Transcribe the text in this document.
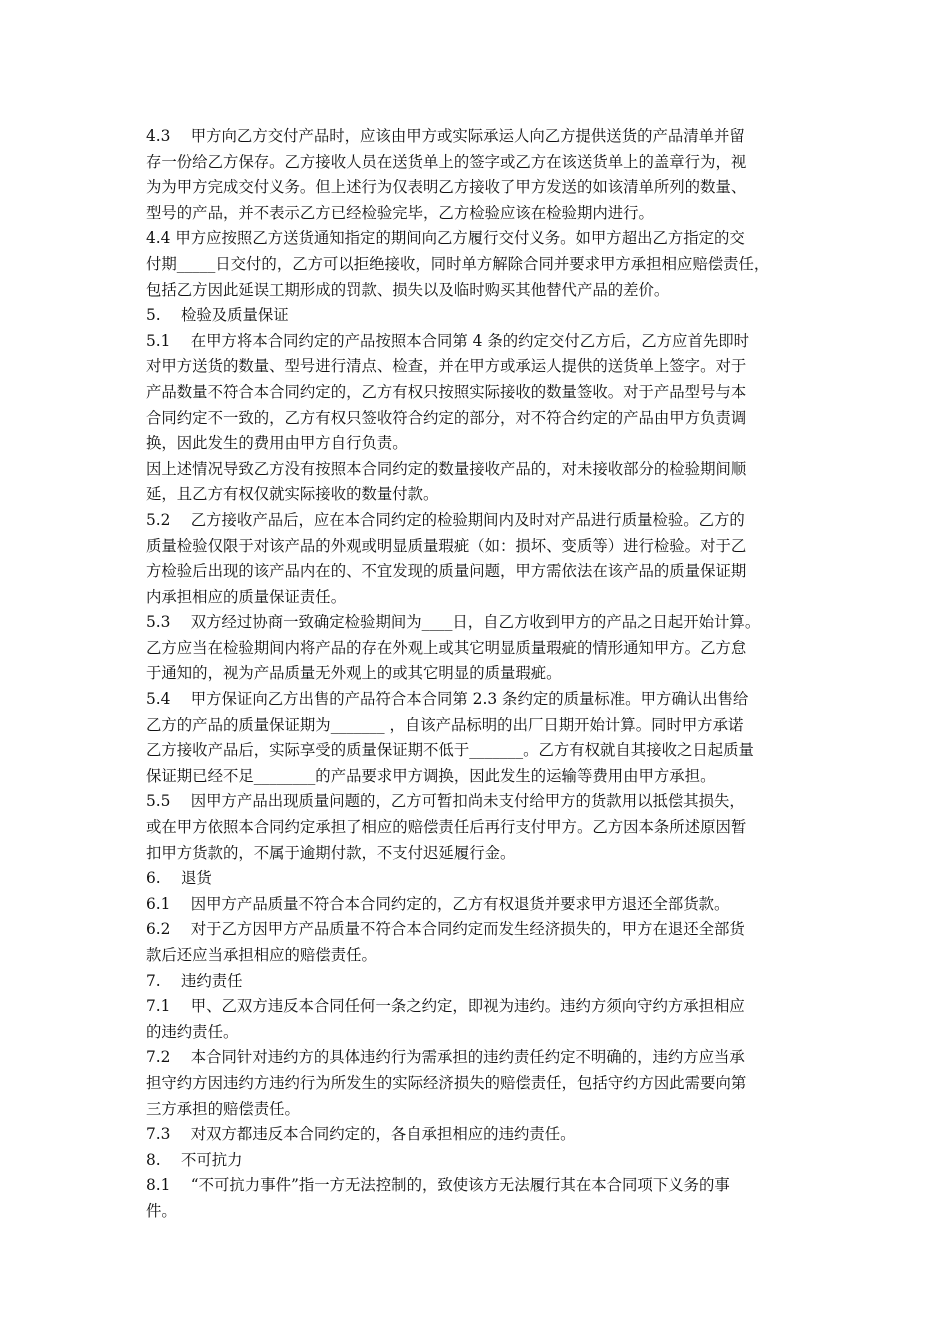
4.3　 甲方向乙方交付产品时，应该由甲方或实际承运人向乙方提供送货的产品清单并留
存一份给乙方保存。乙方接收人员在送货单上的签字或乙方在该送货单上的盖章行为，视
为为甲方完成交付义务。但上述行为仅表明乙方接收了甲方发送的如该清单所列的数量、
型号的产品，并不表示乙方已经检验完毕，乙方检验应该在检验期内进行。
4.4 甲方应按照乙方送货通知指定的期间向乙方履行交付义务。如甲方超出乙方指定的交
付期_____日交付的，乙方可以拒绝接收，同时单方解除合同并要求甲方承担相应赔偿责任，
包括乙方因此延误工期形成的罚款、损失以及临时购买其他替代产品的差价。
5.　 检验及质量保证
5.1　 在甲方将本合同约定的产品按照本合同第 4 条的约定交付乙方后，乙方应首先即时
对甲方送货的数量、型号进行清点、检查，并在甲方或承运人提供的送货单上签字。对于
产品数量不符合本合同约定的，乙方有权只按照实际接收的数量签收。对于产品型号与本
合同约定不一致的，乙方有权只签收符合约定的部分，对不符合约定的产品由甲方负责调
换，因此发生的费用由甲方自行负责。
因上述情况导致乙方没有按照本合同约定的数量接收产品的，对未接收部分的检验期间顺
延，且乙方有权仅就实际接收的数量付款。
5.2　 乙方接收产品后，应在本合同约定的检验期间内及时对产品进行质量检验。乙方的
质量检验仅限于对该产品的外观或明显质量瑕疵（如：损坏、变质等）进行检验。对于乙
方检验后出现的该产品内在的、不宜发现的质量问题，甲方需依法在该产品的质量保证期
内承担相应的质量保证责任。
5.3　 双方经过协商一致确定检验期间为____日，自乙方收到甲方的产品之日起开始计算。
乙方应当在检验期间内将产品的存在外观上或其它明显质量瑕疵的情形通知甲方。乙方怠
于通知的，视为产品质量无外观上的或其它明显的质量瑕疵。
5.4　 甲方保证向乙方出售的产品符合本合同第 2.3 条约定的质量标准。甲方确认出售给
乙方的产品的质量保证期为_______ ，自该产品标明的出厂日期开始计算。同时甲方承诺
乙方接收产品后，实际享受的质量保证期不低于_______。乙方有权就自其接收之日起质量
保证期已经不足________的产品要求甲方调换，因此发生的运输等费用由甲方承担。
5.5　 因甲方产品出现质量问题的，乙方可暂扣尚未支付给甲方的货款用以抵偿其损失，
或在甲方依照本合同约定承担了相应的赔偿责任后再行支付甲方。乙方因本条所述原因暂
扣甲方货款的，不属于逾期付款，不支付迟延履行金。
6.　 退货
6.1　 因甲方产品质量不符合本合同约定的，乙方有权退货并要求甲方退还全部货款。
6.2　 对于乙方因甲方产品质量不符合本合同约定而发生经济损失的，甲方在退还全部货
款后还应当承担相应的赔偿责任。
7.　 违约责任
7.1　 甲、乙双方违反本合同任何一条之约定，即视为违约。违约方须向守约方承担相应
的违约责任。
7.2　 本合同针对违约方的具体违约行为需承担的违约责任约定不明确的，违约方应当承
担守约方因违约方违约行为所发生的实际经济损失的赔偿责任，包括守约方因此需要向第
三方承担的赔偿责任。
7.3　 对双方都违反本合同约定的，各自承担相应的违约责任。
8.　 不可抗力
8.1　 “不可抗力事件”指一方无法控制的，致使该方无法履行其在本合同项下义务的事
件。
